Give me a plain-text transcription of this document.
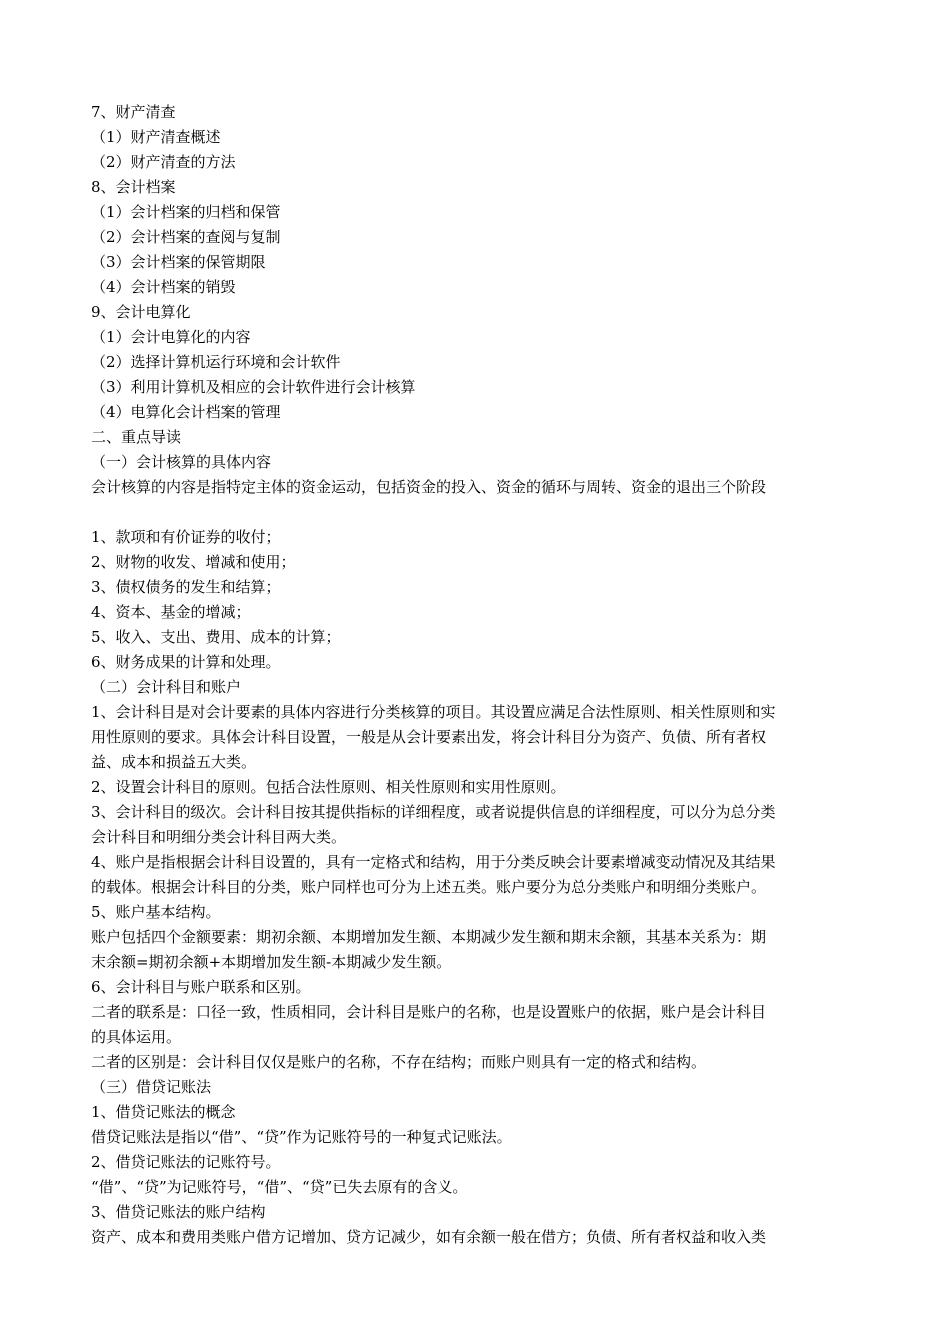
7、财产清查
（1）财产清查概述
（2）财产清查的方法
8、会计档案
（1）会计档案的归档和保管
（2）会计档案的查阅与复制
（3）会计档案的保管期限
（4）会计档案的销毁
9、会计电算化
（1）会计电算化的内容
（2）选择计算机运行环境和会计软件
（3）利用计算机及相应的会计软件进行会计核算
（4）电算化会计档案的管理
二、重点导读
（一）会计核算的具体内容
会计核算的内容是指特定主体的资金运动，包括资金的投入、资金的循环与周转、资金的退出三个阶段
1、款项和有价证券的收付；
2、财物的收发、增减和使用；
3、债权债务的发生和结算；
4、资本、基金的增减；
5、收入、支出、费用、成本的计算；
6、财务成果的计算和处理。
（二）会计科目和账户
1、会计科目是对会计要素的具体内容进行分类核算的项目。其设置应满足合法性原则、相关性原则和实
用性原则的要求。具体会计科目设置，一般是从会计要素出发，将会计科目分为资产、负债、所有者权
益、成本和损益五大类。
2、设置会计科目的原则。包括合法性原则、相关性原则和实用性原则。
3、会计科目的级次。会计科目按其提供指标的详细程度，或者说提供信息的详细程度，可以分为总分类
会计科目和明细分类会计科目两大类。
4、账户是指根据会计科目设置的，具有一定格式和结构，用于分类反映会计要素增减变动情况及其结果
的载体。根据会计科目的分类，账户同样也可分为上述五类。账户要分为总分类账户和明细分类账户。
5、账户基本结构。
账户包括四个金额要素：期初余额、本期增加发生额、本期减少发生额和期末余额，其基本关系为：期
末余额=期初余额+本期增加发生额-本期减少发生额。
6、会计科目与账户联系和区别。
二者的联系是：口径一致，性质相同，会计科目是账户的名称，也是设置账户的依据，账户是会计科目
的具体运用。
二者的区别是：会计科目仅仅是账户的名称，不存在结构；而账户则具有一定的格式和结构。
（三）借贷记账法
1、借贷记账法的概念
借贷记账法是指以“借”、“贷”作为记账符号的一种复式记账法。
2、借贷记账法的记账符号。
“借”、“贷”为记账符号，“借”、“贷”已失去原有的含义。
3、借贷记账法的账户结构
资产、成本和费用类账户借方记增加、贷方记减少，如有余额一般在借方；负债、所有者权益和收入类
